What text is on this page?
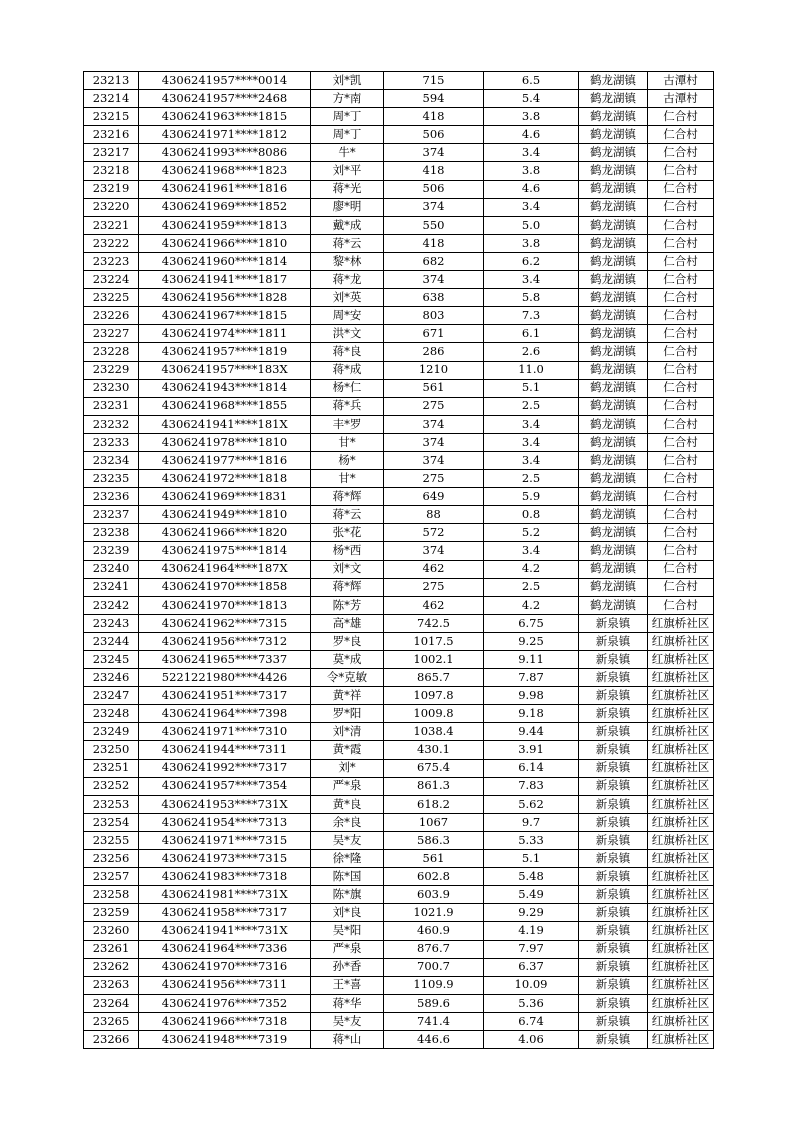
23213	4306241957****0014	刘*凯	715	6.5	鹤龙湖镇	古潭村
23214	4306241957****2468	方*南	594	5.4	鹤龙湖镇	古潭村
23215	4306241963****1815	周*丁	418	3.8	鹤龙湖镇	仁合村
23216	4306241971****1812	周*丁	506	4.6	鹤龙湖镇	仁合村
23217	4306241993****8086	牛*	374	3.4	鹤龙湖镇	仁合村
23218	4306241968****1823	刘*平	418	3.8	鹤龙湖镇	仁合村
23219	4306241961****1816	蒋*光	506	4.6	鹤龙湖镇	仁合村
23220	4306241969****1852	廖*明	374	3.4	鹤龙湖镇	仁合村
23221	4306241959****1813	戴*成	550	5.0	鹤龙湖镇	仁合村
23222	4306241966****1810	蒋*云	418	3.8	鹤龙湖镇	仁合村
23223	4306241960****1814	黎*林	682	6.2	鹤龙湖镇	仁合村
23224	4306241941****1817	蒋*龙	374	3.4	鹤龙湖镇	仁合村
23225	4306241956****1828	刘*英	638	5.8	鹤龙湖镇	仁合村
23226	4306241967****1815	周*安	803	7.3	鹤龙湖镇	仁合村
23227	4306241974****1811	洪*文	671	6.1	鹤龙湖镇	仁合村
23228	4306241957****1819	蒋*良	286	2.6	鹤龙湖镇	仁合村
23229	4306241957****183X	蒋*成	1210	11.0	鹤龙湖镇	仁合村
23230	4306241943****1814	杨*仁	561	5.1	鹤龙湖镇	仁合村
23231	4306241968****1855	蒋*兵	275	2.5	鹤龙湖镇	仁合村
23232	4306241941****181X	丰*罗	374	3.4	鹤龙湖镇	仁合村
23233	4306241978****1810	甘*	374	3.4	鹤龙湖镇	仁合村
23234	4306241977****1816	杨*	374	3.4	鹤龙湖镇	仁合村
23235	4306241972****1818	甘*	275	2.5	鹤龙湖镇	仁合村
23236	4306241969****1831	蒋*辉	649	5.9	鹤龙湖镇	仁合村
23237	4306241949****1810	蒋*云	88	0.8	鹤龙湖镇	仁合村
23238	4306241966****1820	张*花	572	5.2	鹤龙湖镇	仁合村
23239	4306241975****1814	杨*西	374	3.4	鹤龙湖镇	仁合村
23240	4306241964****187X	刘*文	462	4.2	鹤龙湖镇	仁合村
23241	4306241970****1858	蒋*辉	275	2.5	鹤龙湖镇	仁合村
23242	4306241970****1813	陈*芳	462	4.2	鹤龙湖镇	仁合村
23243	4306241962****7315	高*雄	742.5	6.75	新泉镇	红旗桥社区
23244	4306241956****7312	罗*良	1017.5	9.25	新泉镇	红旗桥社区
23245	4306241965****7337	莫*成	1002.1	9.11	新泉镇	红旗桥社区
23246	5221221980****4426	令*克敏	865.7	7.87	新泉镇	红旗桥社区
23247	4306241951****7317	黄*祥	1097.8	9.98	新泉镇	红旗桥社区
23248	4306241964****7398	罗*阳	1009.8	9.18	新泉镇	红旗桥社区
23249	4306241971****7310	刘*清	1038.4	9.44	新泉镇	红旗桥社区
23250	4306241944****7311	黄*霞	430.1	3.91	新泉镇	红旗桥社区
23251	4306241992****7317	刘*	675.4	6.14	新泉镇	红旗桥社区
23252	4306241957****7354	严*泉	861.3	7.83	新泉镇	红旗桥社区
23253	4306241953****731X	黄*良	618.2	5.62	新泉镇	红旗桥社区
23254	4306241954****7313	余*良	1067	9.7	新泉镇	红旗桥社区
23255	4306241971****7315	吴*友	586.3	5.33	新泉镇	红旗桥社区
23256	4306241973****7315	徐*隆	561	5.1	新泉镇	红旗桥社区
23257	4306241983****7318	陈*国	602.8	5.48	新泉镇	红旗桥社区
23258	4306241981****731X	陈*旗	603.9	5.49	新泉镇	红旗桥社区
23259	4306241958****7317	刘*良	1021.9	9.29	新泉镇	红旗桥社区
23260	4306241941****731X	吴*阳	460.9	4.19	新泉镇	红旗桥社区
23261	4306241964****7336	严*泉	876.7	7.97	新泉镇	红旗桥社区
23262	4306241970****7316	孙*香	700.7	6.37	新泉镇	红旗桥社区
23263	4306241956****7311	王*喜	1109.9	10.09	新泉镇	红旗桥社区
23264	4306241976****7352	蒋*华	589.6	5.36	新泉镇	红旗桥社区
23265	4306241966****7318	吴*友	741.4	6.74	新泉镇	红旗桥社区
23266	4306241948****7319	蒋*山	446.6	4.06	新泉镇	红旗桥社区
